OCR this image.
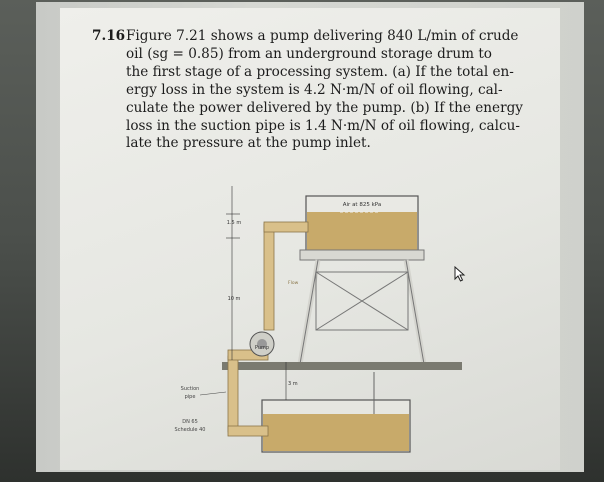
7.16 Figure 7.21 shows a pump delivering 840 L/min of crude
oil (sg = 0.85) from an underground storage drum to
the first stage of a processing system. (a) If the total en-
ergy loss in the system is 4.2 N·m/N of oil flowing, cal-
culate the power delivered by the pump. (b) If the energy
loss in the suction pipe is 1.4 N·m/N of oil flowing, calcu-
late the pressure at the pump inlet.
Air at 825 kPa
Pump
1.5 m
10 m
3 m
Flow
Suction
pipe
DN 65
Schedule 40
